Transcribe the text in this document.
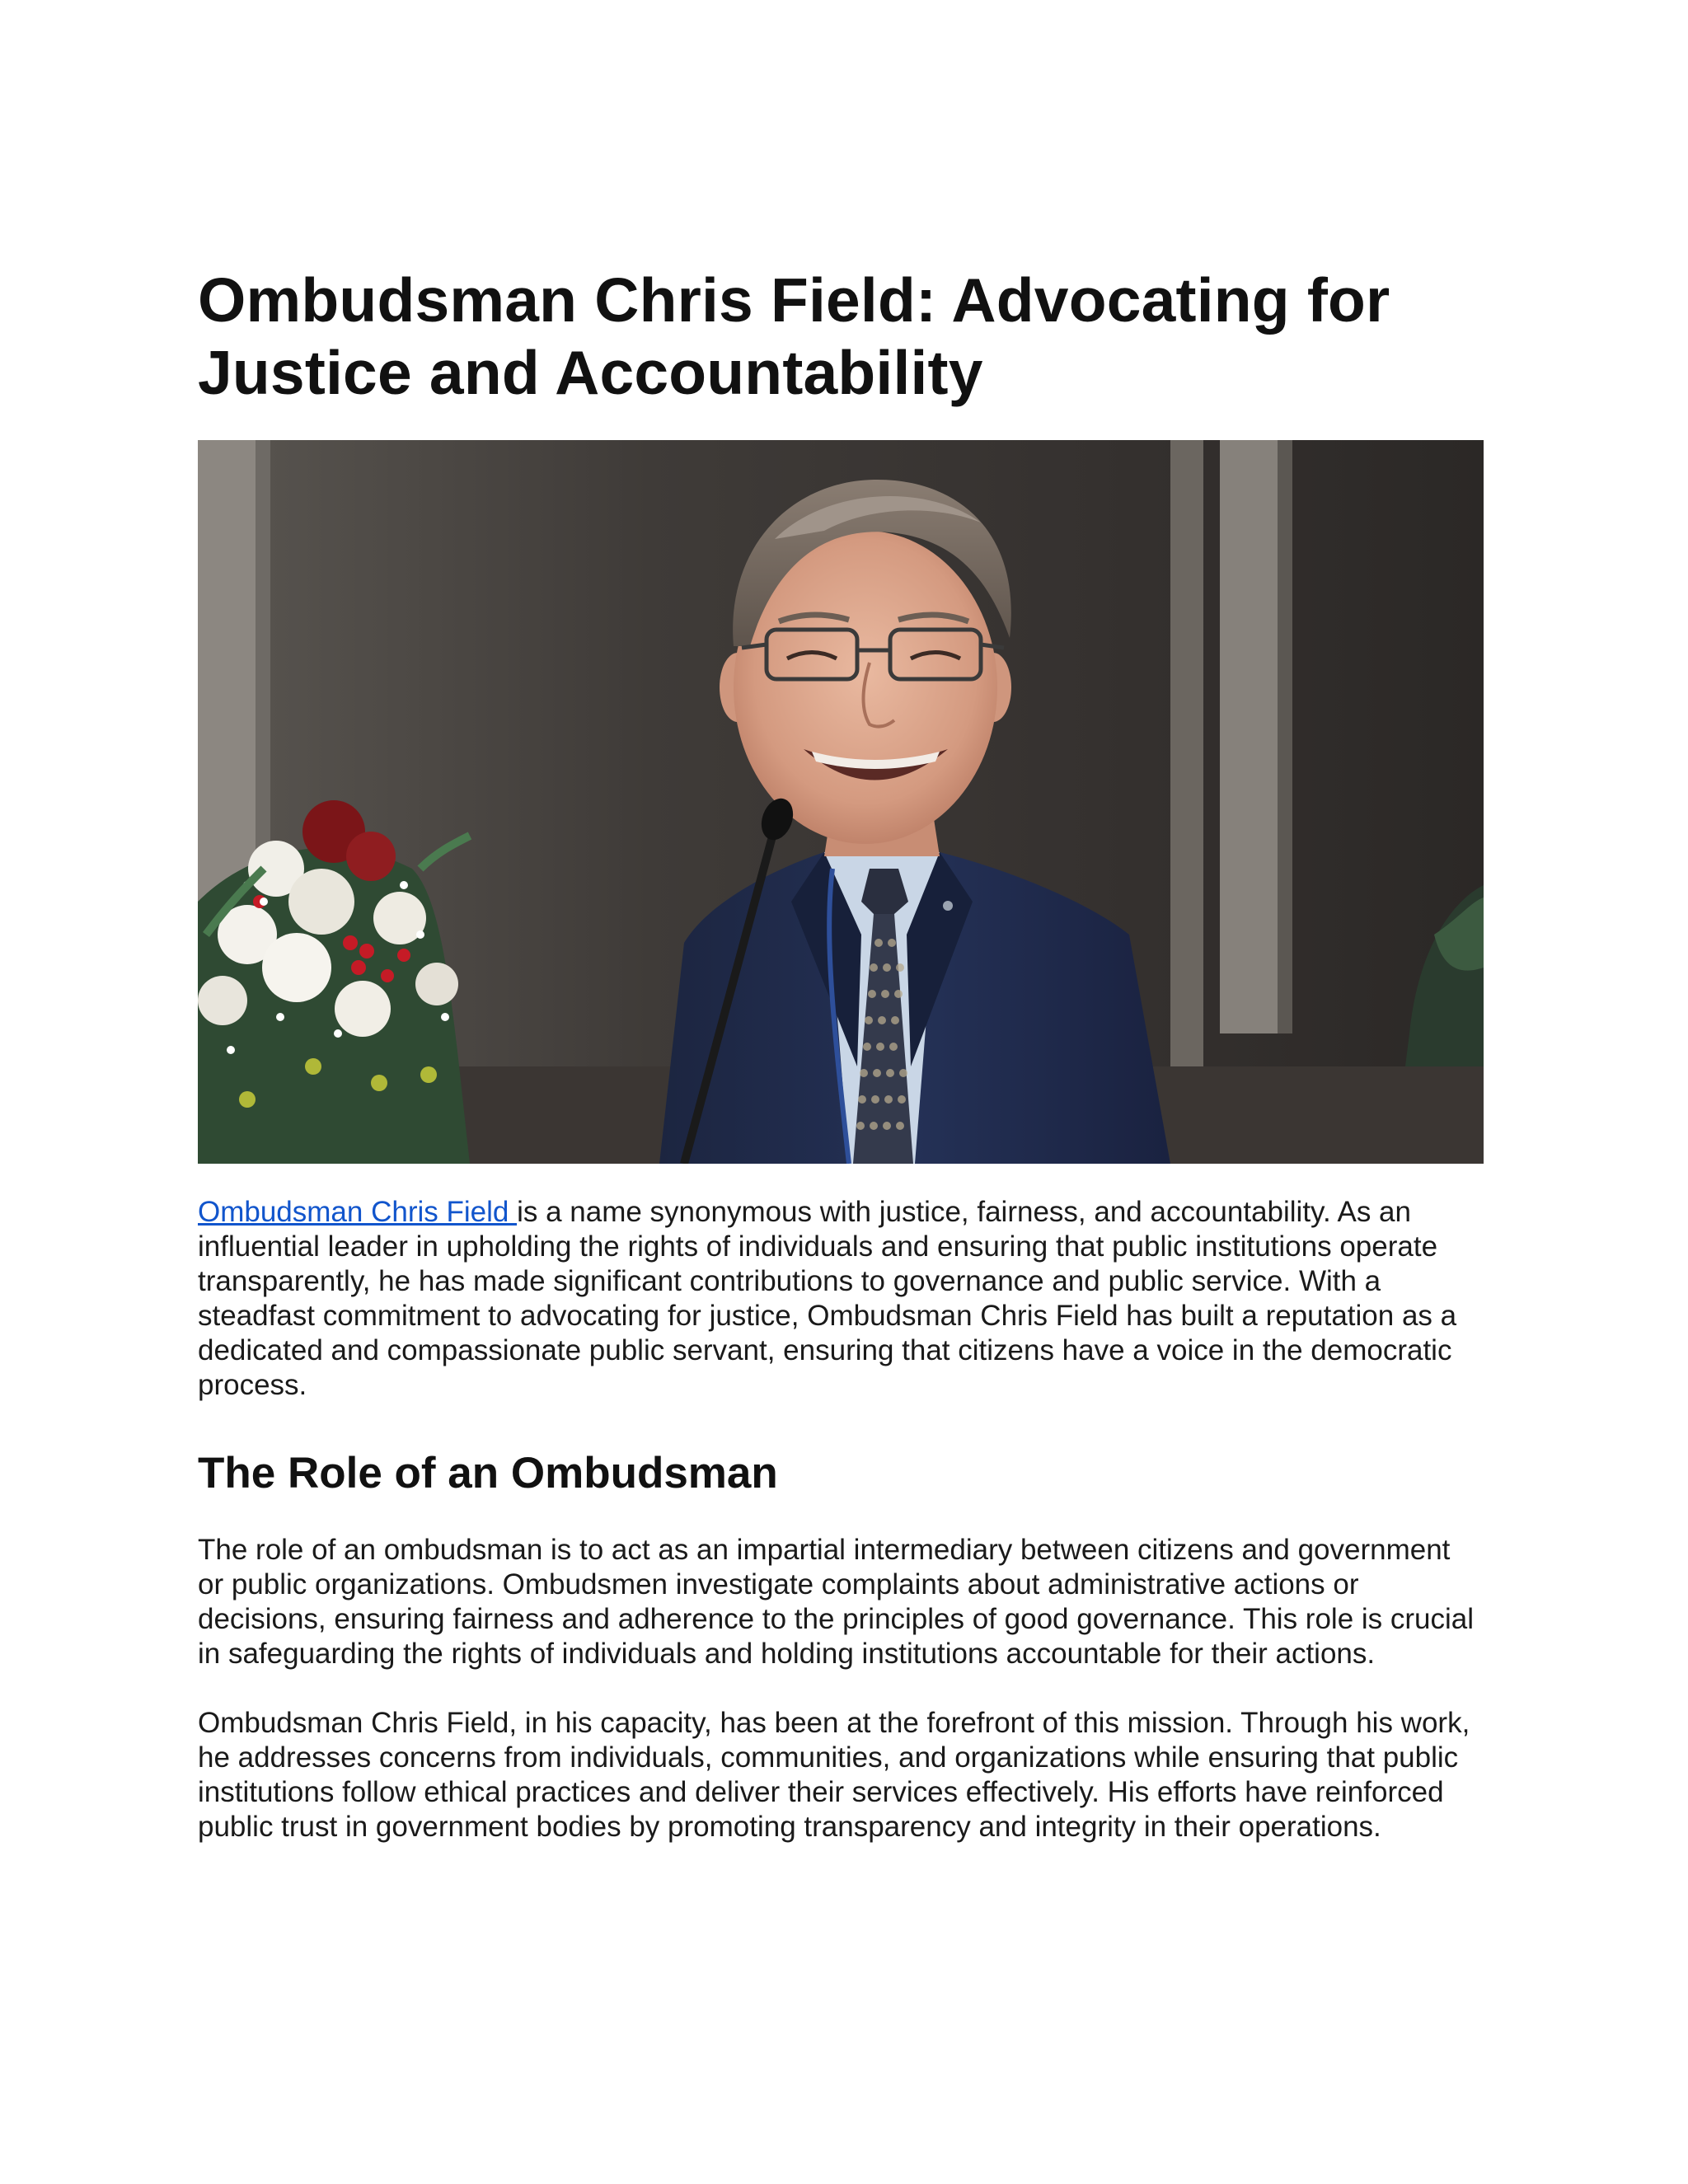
Ombudsman Chris Field: Advocating for Justice and Accountability

Ombudsman Chris Field is a name synonymous with justice, fairness, and accountability. As an influential leader in upholding the rights of individuals and ensuring that public institutions operate transparently, he has made significant contributions to governance and public service. With a steadfast commitment to advocating for justice, Ombudsman Chris Field has built a reputation as a dedicated and compassionate public servant, ensuring that citizens have a voice in the democratic process.

The Role of an Ombudsman

The role of an ombudsman is to act as an impartial intermediary between citizens and government or public organizations. Ombudsmen investigate complaints about administrative actions or decisions, ensuring fairness and adherence to the principles of good governance. This role is crucial in safeguarding the rights of individuals and holding institutions accountable for their actions.

Ombudsman Chris Field, in his capacity, has been at the forefront of this mission. Through his work, he addresses concerns from individuals, communities, and organizations while ensuring that public institutions follow ethical practices and deliver their services effectively. His efforts have reinforced public trust in government bodies by promoting transparency and integrity in their operations.
